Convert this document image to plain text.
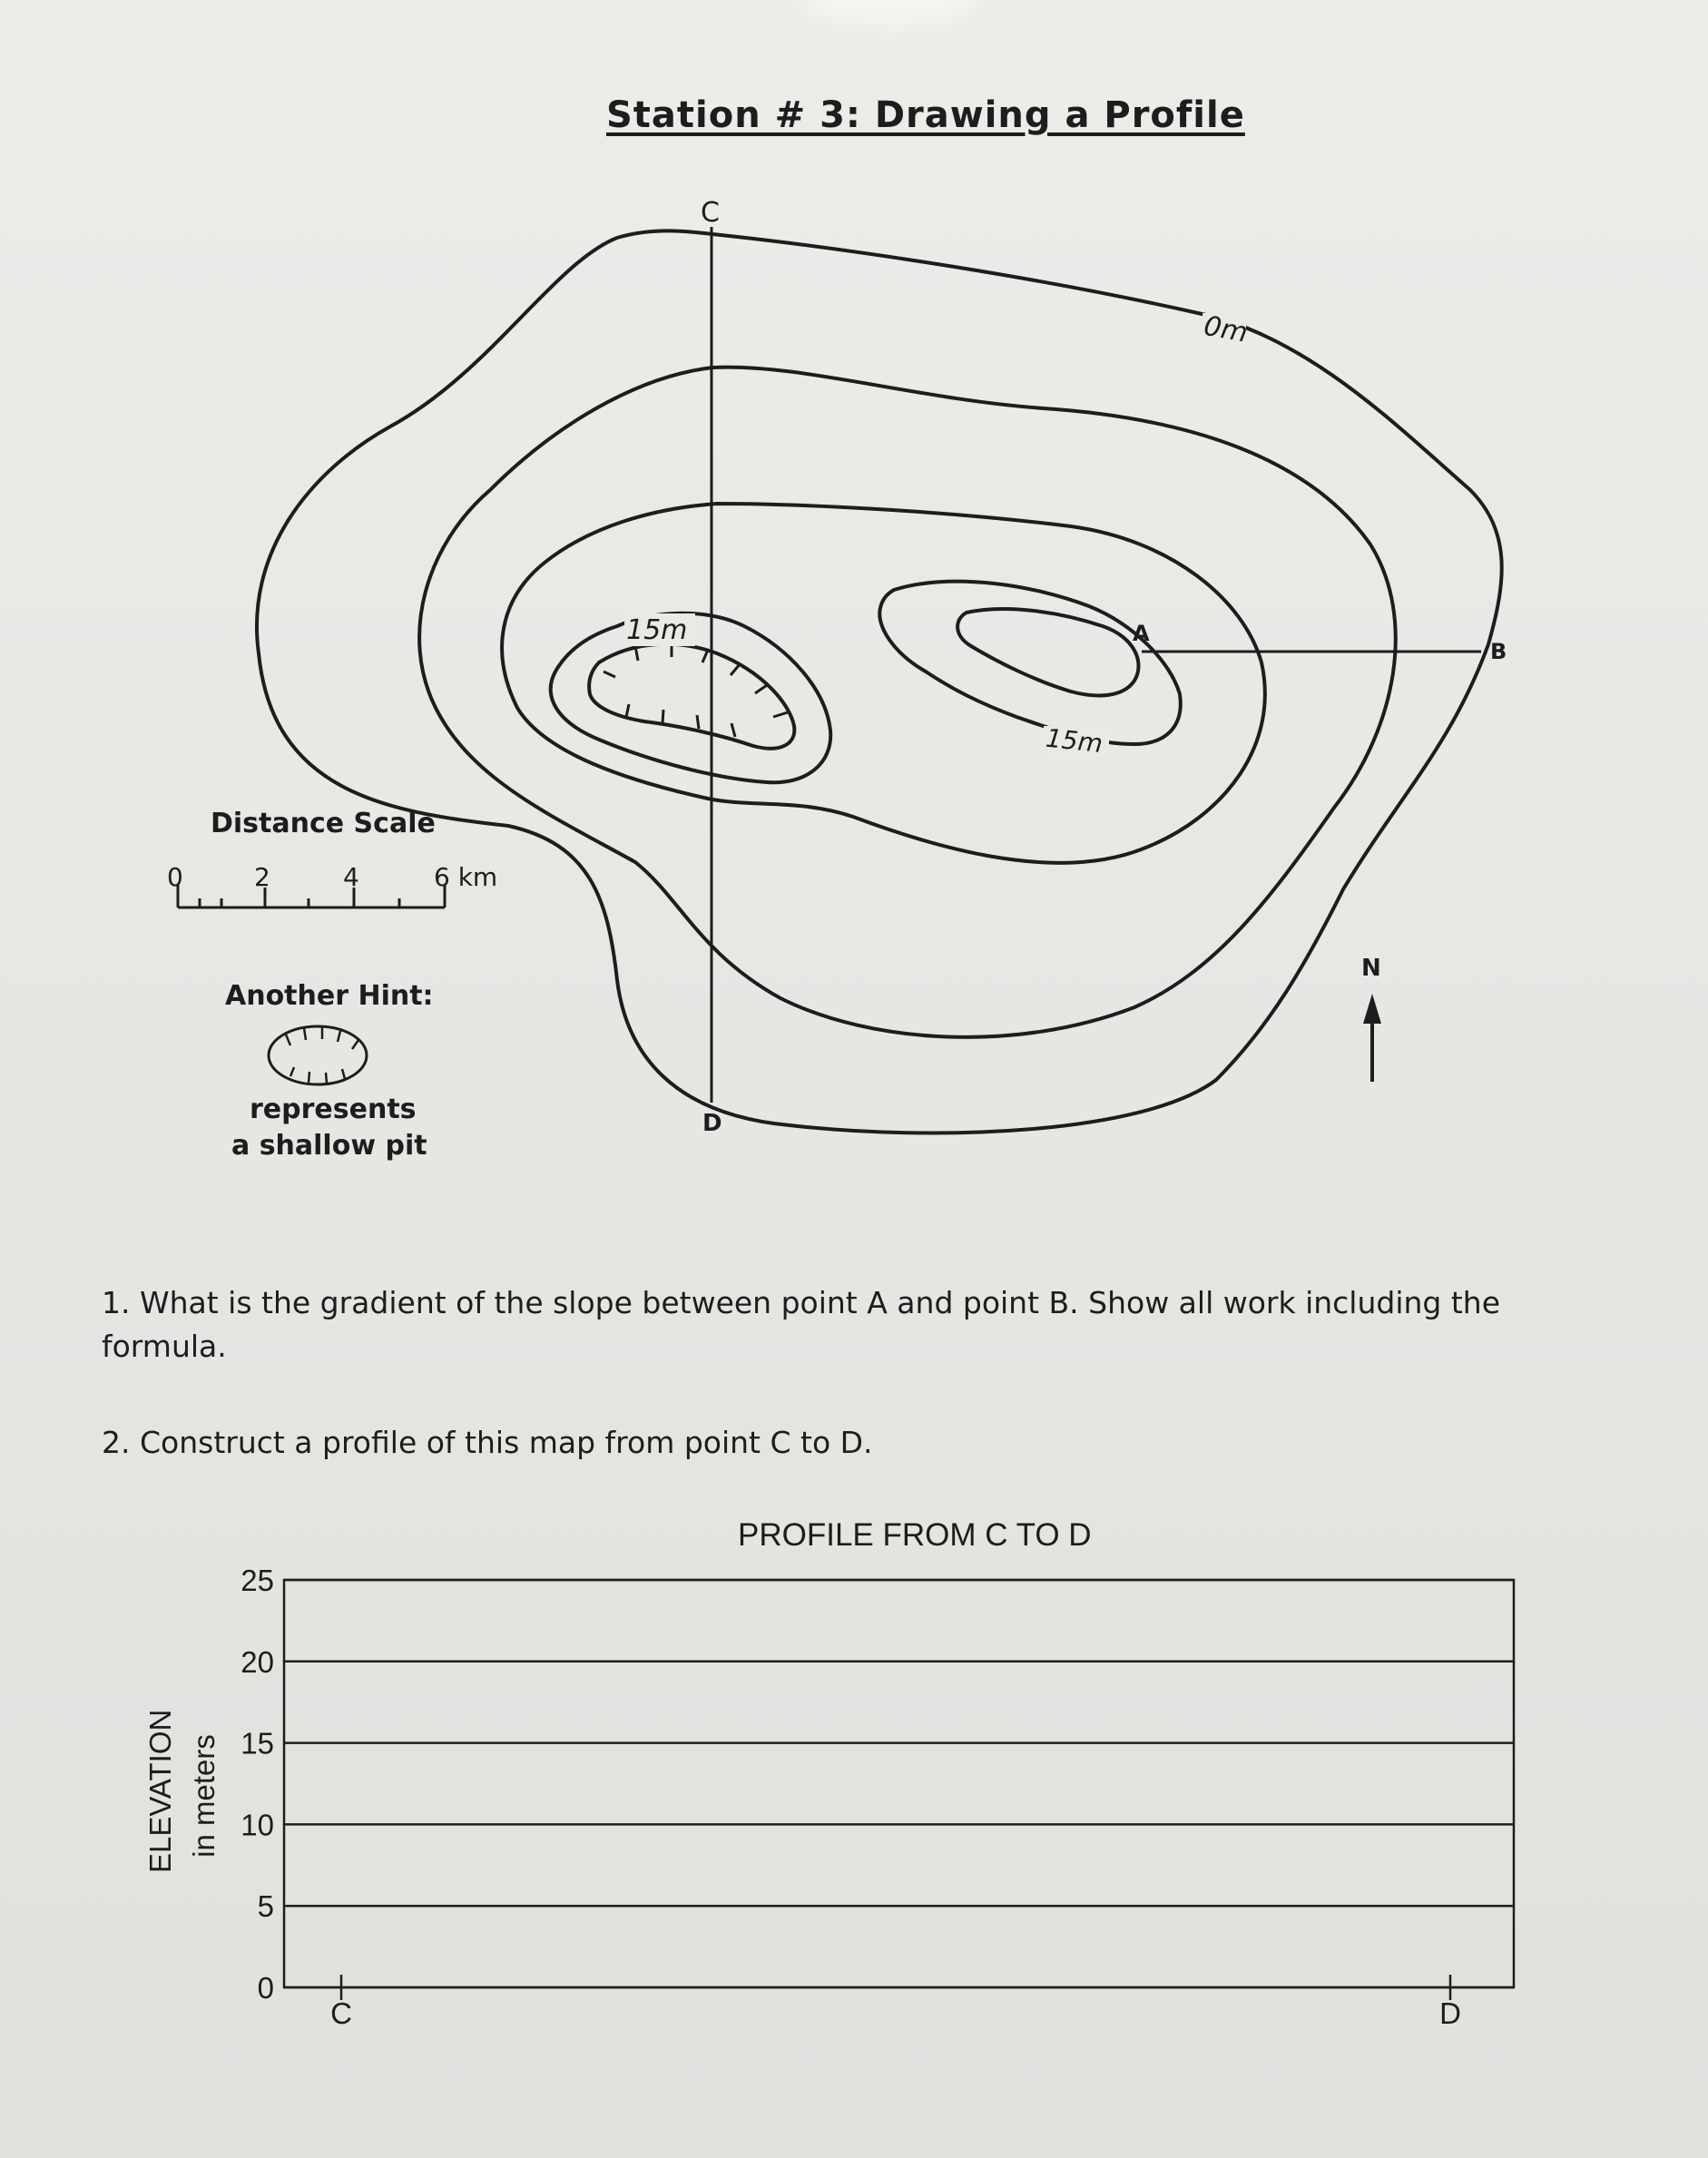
Station # 3: Drawing a Profile
C
D
A
B
0m
15m
15m
N
0	2	4	6 km
Distance Scale
Another Hint:
represents
a shallow pit
1. What is the gradient of the slope between point A and point B. Show all work including the formula.
2. Construct a profile of this map from point C to D.
PROFILE FROM C TO D
0
5
10
15
20
25
C	D
ELEVATION in meters
